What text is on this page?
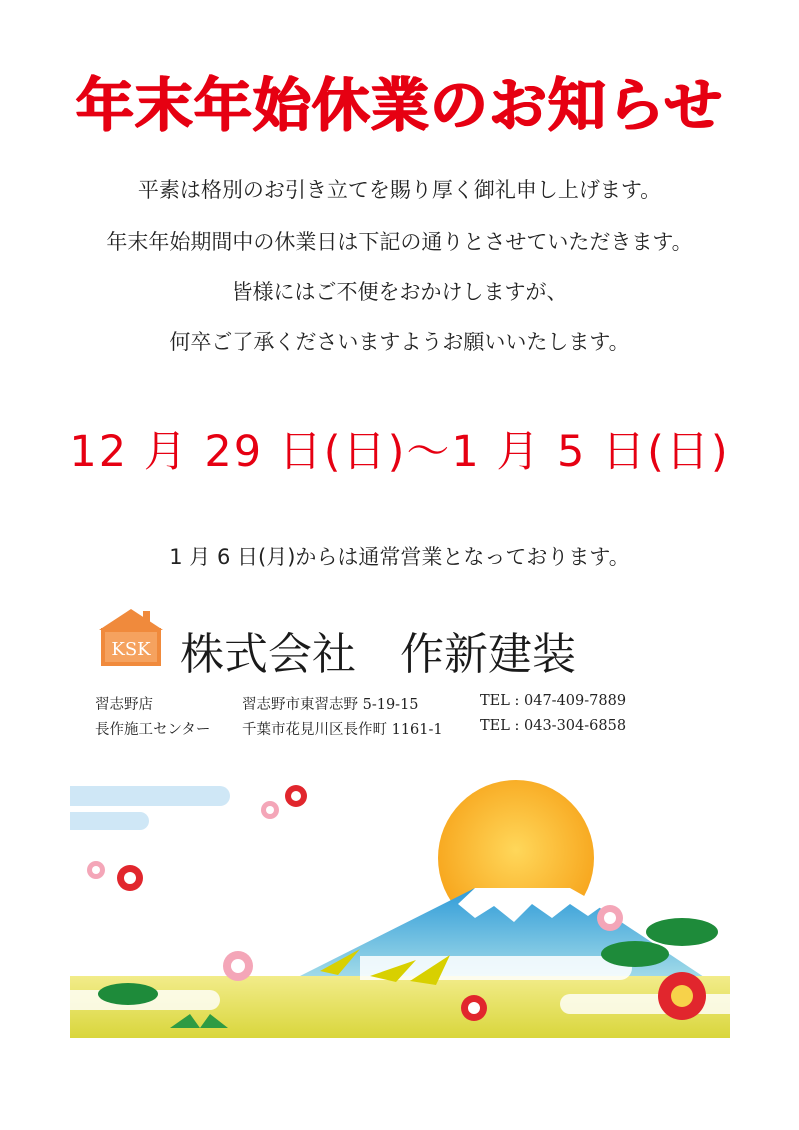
年末年始休業のお知らせ
平素は格別のお引き立てを賜り厚く御礼申し上げます。
年末年始期間中の休業日は下記の通りとさせていただきます。
皆様にはご不便をおかけしますが、
何卒ご了承くださいますようお願いいたします。
12 月 29 日(日)～1 月 5 日(日)
1 月 6 日(月)からは通常営業となっております。
KSK 株式会社　作新建装
習志野店	習志野市東習志野 5-19-15	TEL : 047-409-7889
長作施工センター 千葉市花見川区長作町 1161-1	TEL : 043-304-6858
